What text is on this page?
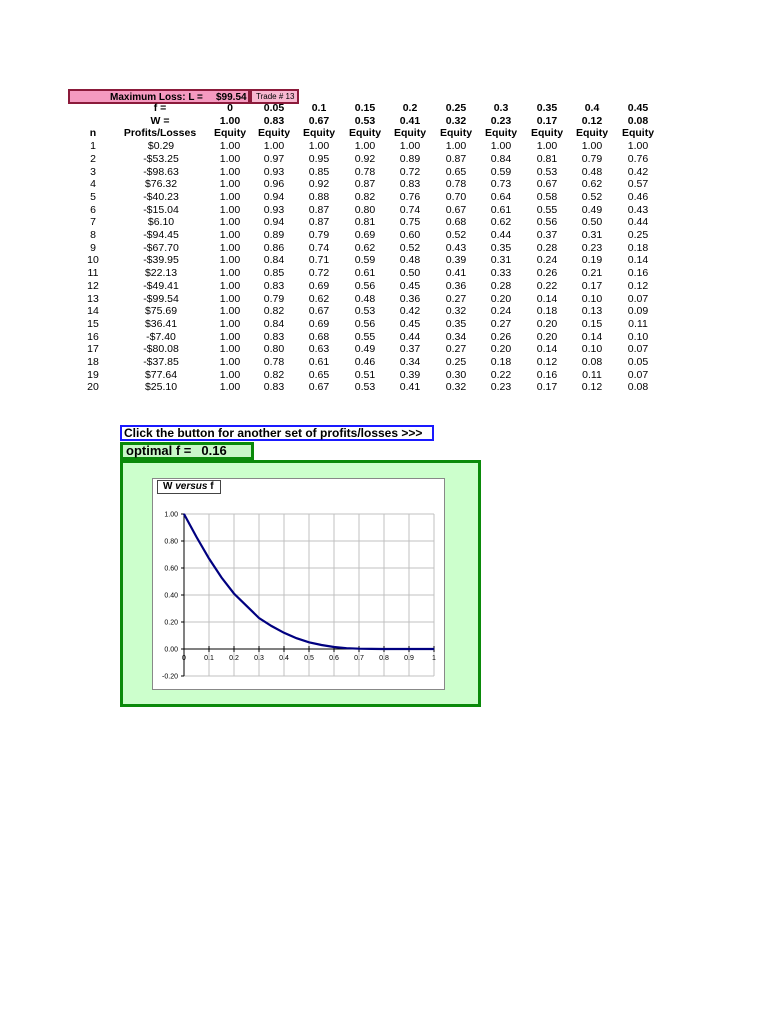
Maximum Loss: L = $99.54	Trade # 13
f =	0	0.05	0.1	0.15	0.2	0.25	0.3	0.35	0.4	0.45
W =	1.00	0.83	0.67	0.53	0.41	0.32	0.23	0.17	0.12	0.08
n	Profits/Losses	Equity	Equity	Equity	Equity	Equity	Equity	Equity	Equity	Equity	Equity
1	$0.29	1.00	1.00	1.00	1.00	1.00	1.00	1.00	1.00	1.00	1.00
2	-$53.25	1.00	0.97	0.95	0.92	0.89	0.87	0.84	0.81	0.79	0.76
3	-$98.63	1.00	0.93	0.85	0.78	0.72	0.65	0.59	0.53	0.48	0.42
4	$76.32	1.00	0.96	0.92	0.87	0.83	0.78	0.73	0.67	0.62	0.57
5	-$40.23	1.00	0.94	0.88	0.82	0.76	0.70	0.64	0.58	0.52	0.46
6	-$15.04	1.00	0.93	0.87	0.80	0.74	0.67	0.61	0.55	0.49	0.43
7	$6.10	1.00	0.94	0.87	0.81	0.75	0.68	0.62	0.56	0.50	0.44
8	-$94.45	1.00	0.89	0.79	0.69	0.60	0.52	0.44	0.37	0.31	0.25
9	-$67.70	1.00	0.86	0.74	0.62	0.52	0.43	0.35	0.28	0.23	0.18
10	-$39.95	1.00	0.84	0.71	0.59	0.48	0.39	0.31	0.24	0.19	0.14
11	$22.13	1.00	0.85	0.72	0.61	0.50	0.41	0.33	0.26	0.21	0.16
12	-$49.41	1.00	0.83	0.69	0.56	0.45	0.36	0.28	0.22	0.17	0.12
13	-$99.54	1.00	0.79	0.62	0.48	0.36	0.27	0.20	0.14	0.10	0.07
14	$75.69	1.00	0.82	0.67	0.53	0.42	0.32	0.24	0.18	0.13	0.09
15	$36.41	1.00	0.84	0.69	0.56	0.45	0.35	0.27	0.20	0.15	0.11
16	-$7.40	1.00	0.83	0.68	0.55	0.44	0.34	0.26	0.20	0.14	0.10
17	-$80.08	1.00	0.80	0.63	0.49	0.37	0.27	0.20	0.14	0.10	0.07
18	-$37.85	1.00	0.78	0.61	0.46	0.34	0.25	0.18	0.12	0.08	0.05
19	$77.64	1.00	0.82	0.65	0.51	0.39	0.30	0.22	0.16	0.11	0.07
20	$25.10	1.00	0.83	0.67	0.53	0.41	0.32	0.23	0.17	0.12	0.08
Click the button for another set of profits/losses >>>
optimal f = 0.16
0	0.1 0.2 0.3 0.4 0.5 0.6 0.7 0.8 0.9	1
1.00
0.80
0.60
0.40
0.20
0.00
-0.20
W versus f
